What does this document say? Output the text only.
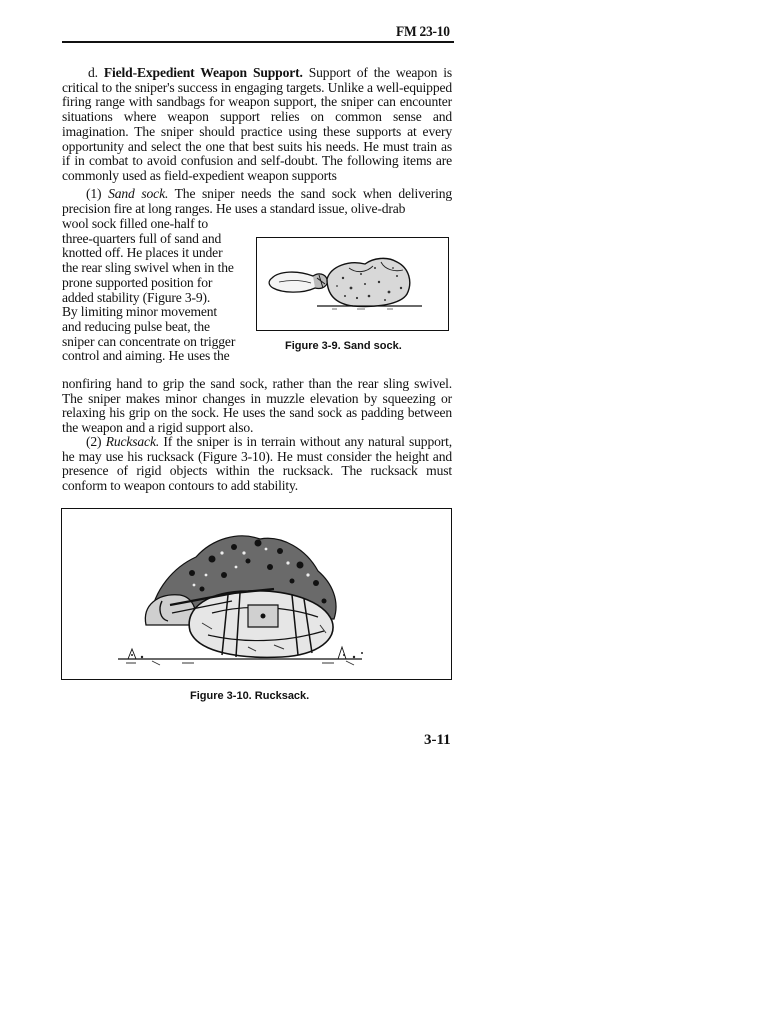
FM 23-10
d. Field-Expedient Weapon Support. Support of the weapon is critical to the sniper's success in engaging targets. Unlike a well-equipped firing range with sandbags for weapon support, the sniper can encounter situations where weapon support relies on common sense and imagination. The sniper should practice using these supports at every opportunity and select the one that best suits his needs. He must train as if in combat to avoid confusion and self-doubt. The following items are commonly used as field-expedient weapon supports
(1) Sand sock. The sniper needs the sand sock when delivering precision fire at long ranges. He uses a standard issue, olive-drab
wool sock filled one-half to
three-quarters full of sand and
knotted off. He places it under
the rear sling swivel when in the
prone supported position for
added stability (Figure 3-9).
By limiting minor movement
and reducing pulse beat, the
sniper can concentrate on trigger
control and aiming. He uses the
nonfiring hand to grip the sand sock, rather than the rear sling swivel. The sniper makes minor changes in muzzle elevation by squeezing or relaxing his grip on the sock. He uses the sand sock as padding between the weapon and a rigid support also.
(2) Rucksack. If the sniper is in terrain without any natural support, he may use his rucksack (Figure 3-10). He must consider the height and presence of rigid objects within the rucksack. The rucksack must conform to weapon contours to add stability.
Figure 3-9. Sand sock.
Figure 3-10. Rucksack.
3-11
